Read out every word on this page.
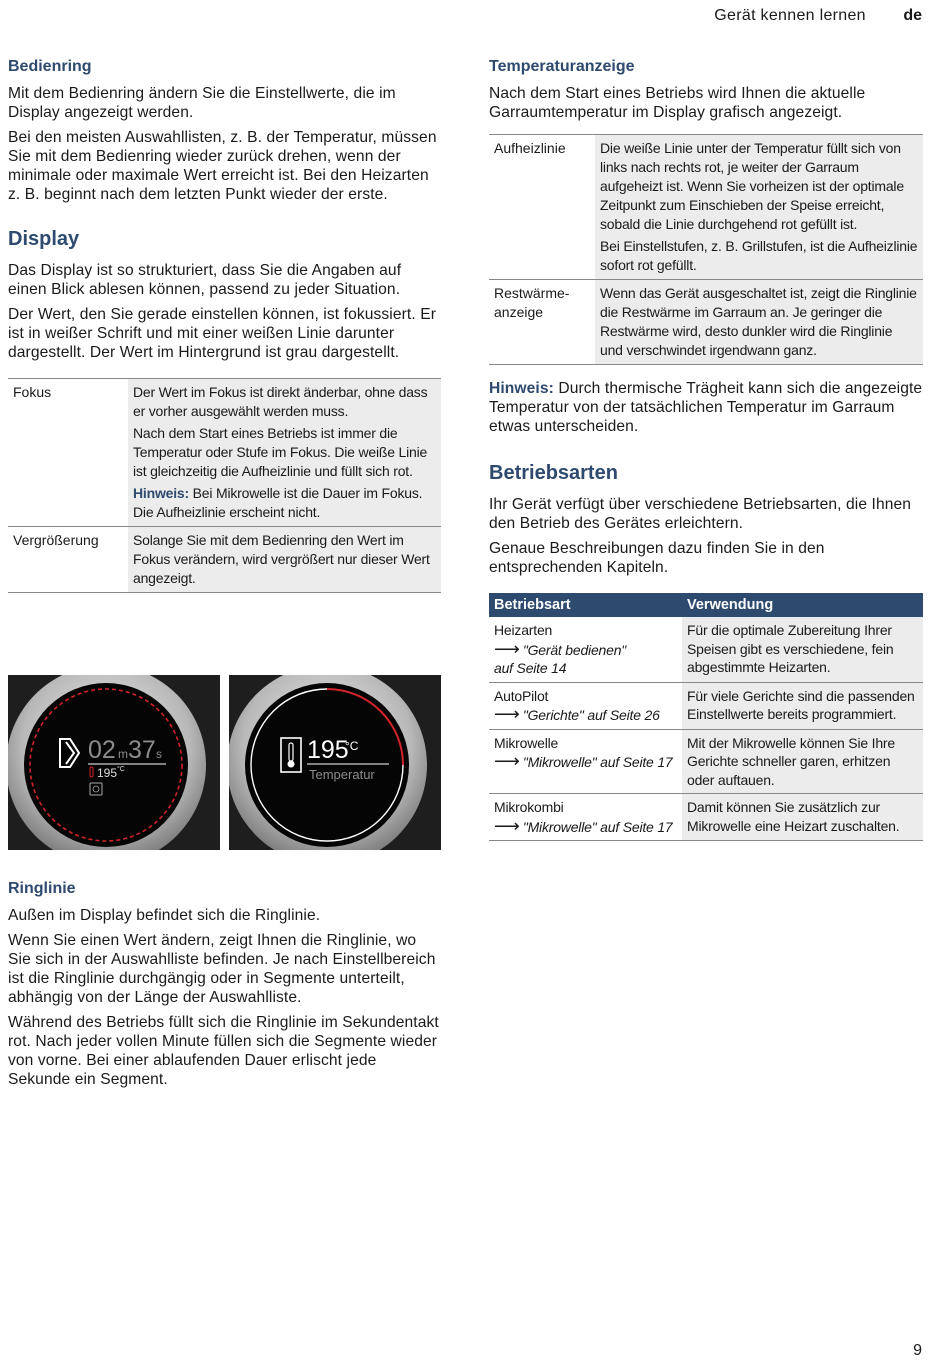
Gerät kennen lernen de
Bedienring

Mit dem Bedienring ändern Sie die Einstellwerte, die im Display angezeigt werden.

Bei den meisten Auswahllisten, z. B. der Temperatur, müssen Sie mit dem Bedienring wieder zurück drehen, wenn der minimale oder maximale Wert erreicht ist. Bei den Heizarten z. B. beginnt nach dem letzten Punkt wieder der erste.

Display

Das Display ist so strukturiert, dass Sie die Angaben auf einen Blick ablesen können, passend zu jeder Situation.

Der Wert, den Sie gerade einstellen können, ist fokussiert. Er ist in weißer Schrift und mit einer weißen Linie darunter dargestellt. Der Wert im Hintergrund ist grau dargestellt.

Fokus	Der Wert im Fokus ist direkt änderbar, ohne dass er vorher ausgewählt werden muss.

Nach dem Start eines Betriebs ist immer die Temperatur oder Stufe im Fokus. Die weiße Linie ist gleichzeitig die Aufheizlinie und füllt sich rot.

Hinweis: Bei Mikrowelle ist die Dauer im Fokus. Die Aufheizlinie erscheint nicht.

Vergrößerung	Solange Sie mit dem Bedienring den Wert im Fokus verändern, wird vergrößert nur dieser Wert angezeigt.

02 m 37 s
195 °C
195
°C
Temperatur
Ringlinie

Außen im Display befindet sich die Ringlinie.

Wenn Sie einen Wert ändern, zeigt Ihnen die Ringlinie, wo Sie sich in der Auswahlliste befinden. Je nach Einstellbereich ist die Ringlinie durchgängig oder in Segmente unterteilt, abhängig von der Länge der Auswahlliste.

Während des Betriebs füllt sich die Ringlinie im Sekundentakt rot. Nach jeder vollen Minute füllen sich die Segmente wieder von vorne. Bei einer ablaufenden Dauer erlischt jede Sekunde ein Segment.

Temperaturanzeige

Nach dem Start eines Betriebs wird Ihnen die aktuelle Garraumtemperatur im Display grafisch angezeigt.

Aufheizlinie	Die weiße Linie unter der Temperatur füllt sich von links nach rechts rot, je weiter der Garraum aufgeheizt ist. Wenn Sie vorheizen ist der optimale Zeitpunkt zum Einschieben der Speise erreicht, sobald die Linie durchgehend rot gefüllt ist.

Bei Einstellstufen, z. B. Grillstufen, ist die Aufheizlinie sofort rot gefüllt.

Restwärmeanzeige	Wenn das Gerät ausgeschaltet ist, zeigt die Ringlinie die Restwärme im Garraum an. Je geringer die Restwärme wird, desto dunkler wird die Ringlinie und verschwindet irgendwann ganz.

Hinweis: Durch thermische Trägheit kann sich die angezeigte Temperatur von der tatsächlichen Temperatur im Garraum etwas unterscheiden.

Betriebsarten

Ihr Gerät verfügt über verschiedene Betriebsarten, die Ihnen den Betrieb des Gerätes erleichtern.

Genaue Beschreibungen dazu finden Sie in den entsprechenden Kapiteln.

Betriebsart	Verwendung

Heizarten
⟶ "Gerät bedienen"
auf Seite 14	Für die optimale Zubereitung Ihrer Speisen gibt es verschiedene, fein abgestimmte Heizarten.

AutoPilot
⟶ "Gerichte" auf Seite 26	Für viele Gerichte sind die passenden Einstellwerte bereits programmiert.

Mikrowelle
⟶ "Mikrowelle" auf Seite 17	Mit der Mikrowelle können Sie Ihre Gerichte schneller garen, erhitzen oder auftauen.

Mikrokombi
⟶ "Mikrowelle" auf Seite 17	Damit können Sie zusätzlich zur Mikrowelle eine Heizart zuschalten.
9
